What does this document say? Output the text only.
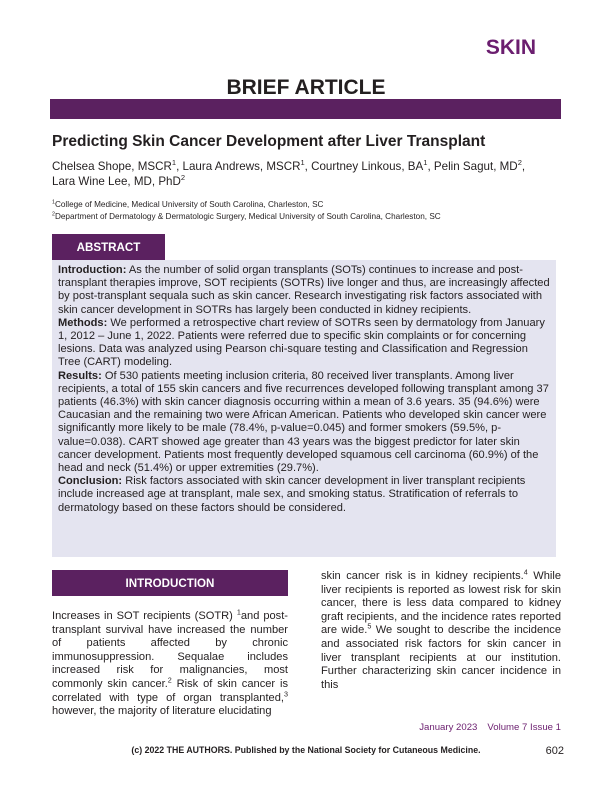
SKIN
BRIEF ARTICLE
Predicting Skin Cancer Development after Liver Transplant
Chelsea Shope, MSCR$^1$, Laura Andrews, MSCR$^1$, Courtney Linkous, $BA^1$, Pelin Sagut, $MD^2$,
Lara Wine Lee, MD, PhD$^2$
$^1$College of Medicine, Medical University of South Carolina, Charleston, SC
$^2$Department of Dermatology & Dermatologic Surgery, Medical University of South Carolina, Charleston, SC
ABSTRACT

Introduction: As the number of solid organ transplants (SOTs) continues to increase and post-transplant therapies improve, SOT recipients (SOTRs) live longer and thus, are increasingly affected by post-transplant sequala such as skin cancer. Research investigating risk factors associated with skin cancer development in SOTRs has largely been conducted in kidney recipients.

Methods: We performed a retrospective chart review of SOTRs seen by dermatology from January 1, 2012 – June 1, 2022. Patients were referred due to specific skin complaints or for concerning lesions. Data was analyzed using Pearson chi-square testing and Classification and Regression Tree (CART) modeling.

Results: Of 530 patients meeting inclusion criteria, 80 received liver transplants. Among liver recipients, a total of 155 skin cancers and five recurrences developed following transplant among 37 patients (46.3%) with skin cancer diagnosis occurring within a mean of 3.6 years. 35 (94.6%) were Caucasian and the remaining two were African American. Patients who developed skin cancer were significantly more likely to be male (78.4%, p-value=0.045) and former smokers (59.5%, p-value=0.038). CART showed age greater than 43 years was the biggest predictor for later skin cancer development. Patients most frequently developed squamous cell carcinoma (60.9%) of the head and neck (51.4%) or upper extremities (29.7%).

Conclusion: Risk factors associated with skin cancer development in liver transplant recipients include increased age at transplant, male sex, and smoking status. Stratification of referrals to dermatology based on these factors should be considered.

INTRODUCTION
Increases in SOT recipients (SOTR) $^1$and post-transplant survival have increased the number of patients affected by chronic immunosuppression. Sequalae includes increased risk for malignancies, most commonly skin cancer.$^2$ Risk of skin cancer is correlated with type of organ transplanted,$^3$ however, the majority of literature elucidating
skin cancer risk is in kidney recipients.$^4$ While liver recipients is reported as lowest risk for skin cancer, there is less data compared to kidney graft recipients, and the incidence rates reported are wide.$^5$ We sought to describe the incidence and associated risk factors for skin cancer in liver transplant recipients at our institution. Further characterizing skin cancer incidence in this
January 2023 Volume 7 Issue 1
(c) 2022 THE AUTHORS. Published by the National Society for Cutaneous Medicine.	602
